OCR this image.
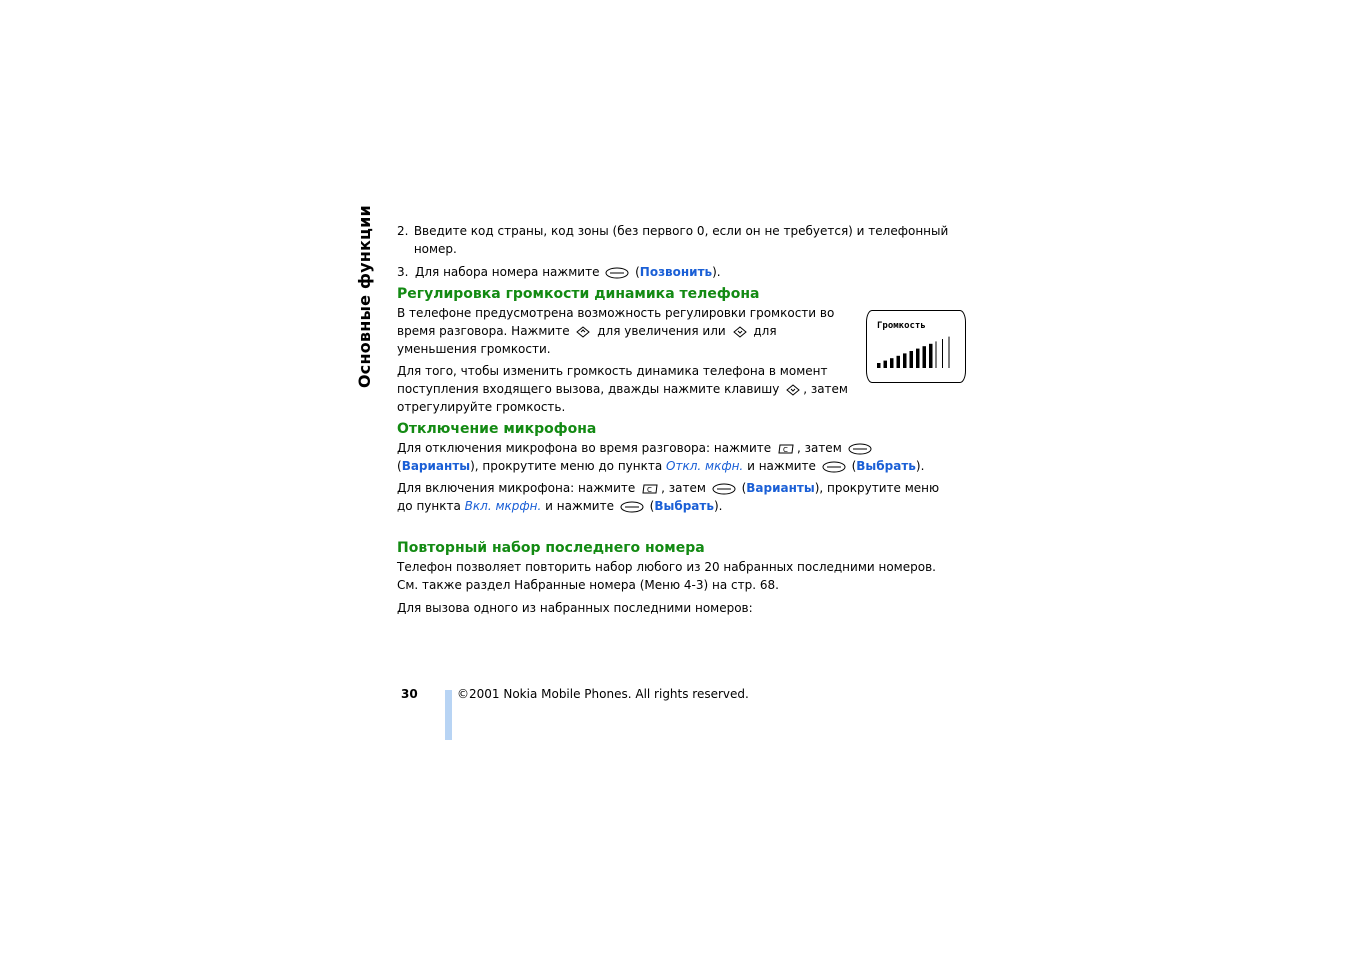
Основные функции 2. Введите код страны, код зоны (без первого 0, если он не требуется) и телефонный номер.
3. Для набора номера нажмите	(Позвонить).
Регулировка громкости динамика телефона

В телефоне предусмотрена возможность регулировки громкости во время разговора. Нажмите для увеличения или для уменьшения громкости.

Для того, чтобы изменить громкость динамика телефона в момент поступления входящего вызова, дважды нажмите клавишу , затем отрегулируйте громкость.

Отключение микрофона

Для отключения микрофона во время разговора: нажмите C , затем  (Варианты), прокрутите меню до пункта Откл. мкфн. и нажмите	(Выбрать).

Для включения микрофона: нажмите C , затем	(Варианты), прокрутите меню до пункта Вкл. мкрфн. и нажмите	(Выбрать).

Повторный набор последнего номера

Телефон позволяет повторить набор любого из 20 набранных последними номеров. См. также раздел Набранные номера (Меню 4-3) на стр. 68.

Для вызова одного из набранных последними номеров:

Громкость
30	©2001 Nokia Mobile Phones. All rights reserved.
